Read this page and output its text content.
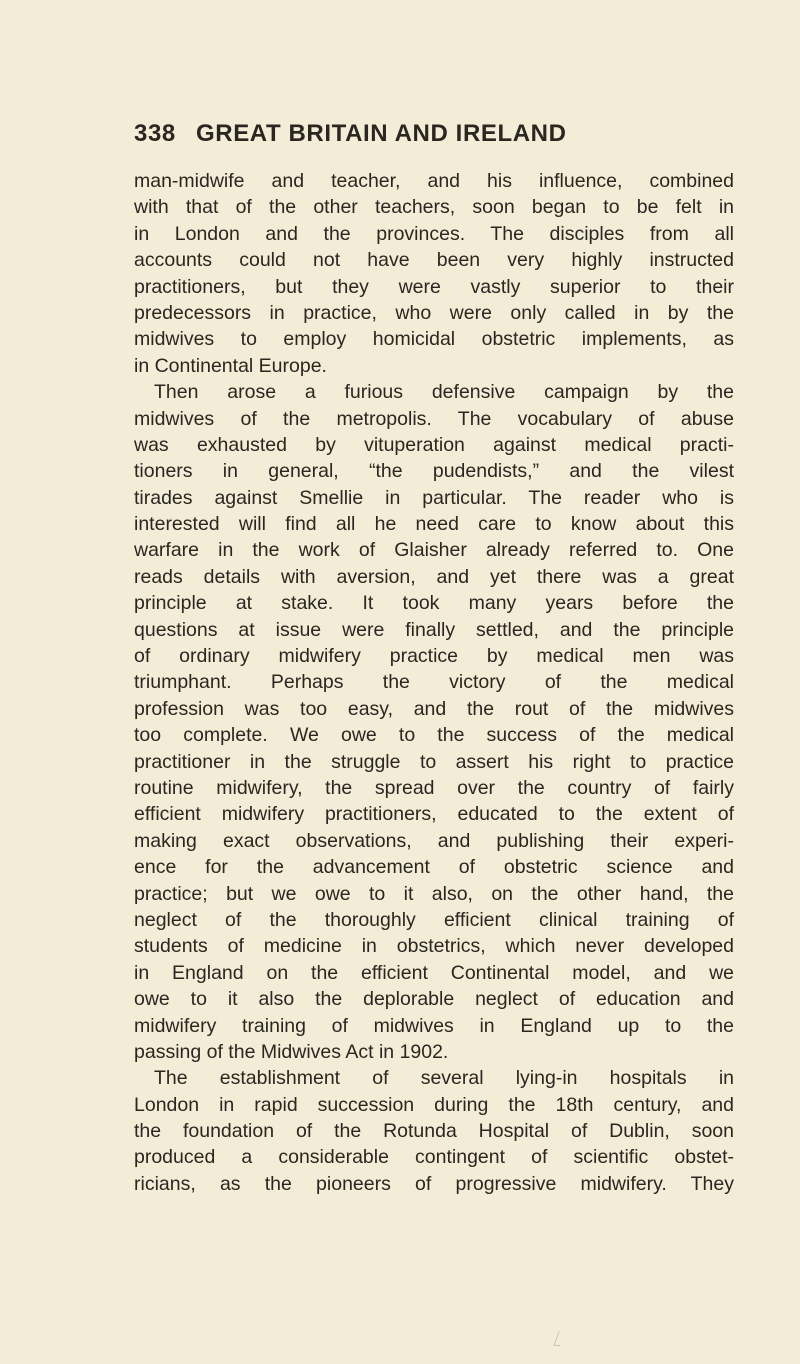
338 GREAT BRITAIN AND IRELAND
man-midwife and teacher, and his influence, combined
with that of the other teachers, soon began to be felt in
in London and the provinces. The disciples from all
accounts could not have been very highly instructed
practitioners, but they were vastly superior to their
predecessors in practice, who were only called in by the
midwives to employ homicidal obstetric implements, as
in Continental Europe.
Then arose a furious defensive campaign by the
midwives of the metropolis. The vocabulary of abuse
was exhausted by vituperation against medical practi-
tioners in general, “the pudendists,” and the vilest
tirades against Smellie in particular. The reader who is
interested will find all he need care to know about this
warfare in the work of Glaisher already referred to. One
reads details with aversion, and yet there was a great
principle at stake. It took many years before the
questions at issue were finally settled, and the principle
of ordinary midwifery practice by medical men was
triumphant. Perhaps the victory of the medical
profession was too easy, and the rout of the midwives
too complete. We owe to the success of the medical
practitioner in the struggle to assert his right to practice
routine midwifery, the spread over the country of fairly
efficient midwifery practitioners, educated to the extent of
making exact observations, and publishing their experi-
ence for the advancement of obstetric science and
practice; but we owe to it also, on the other hand, the
neglect of the thoroughly efficient clinical training of
students of medicine in obstetrics, which never developed
in England on the efficient Continental model, and we
owe to it also the deplorable neglect of education and
midwifery training of midwives in England up to the
passing of the Midwives Act in 1902.
The establishment of several lying-in hospitals in
London in rapid succession during the 18th century, and
the foundation of the Rotunda Hospital of Dublin, soon
produced a considerable contingent of scientific obstet-
ricians, as the pioneers of progressive midwifery. They
